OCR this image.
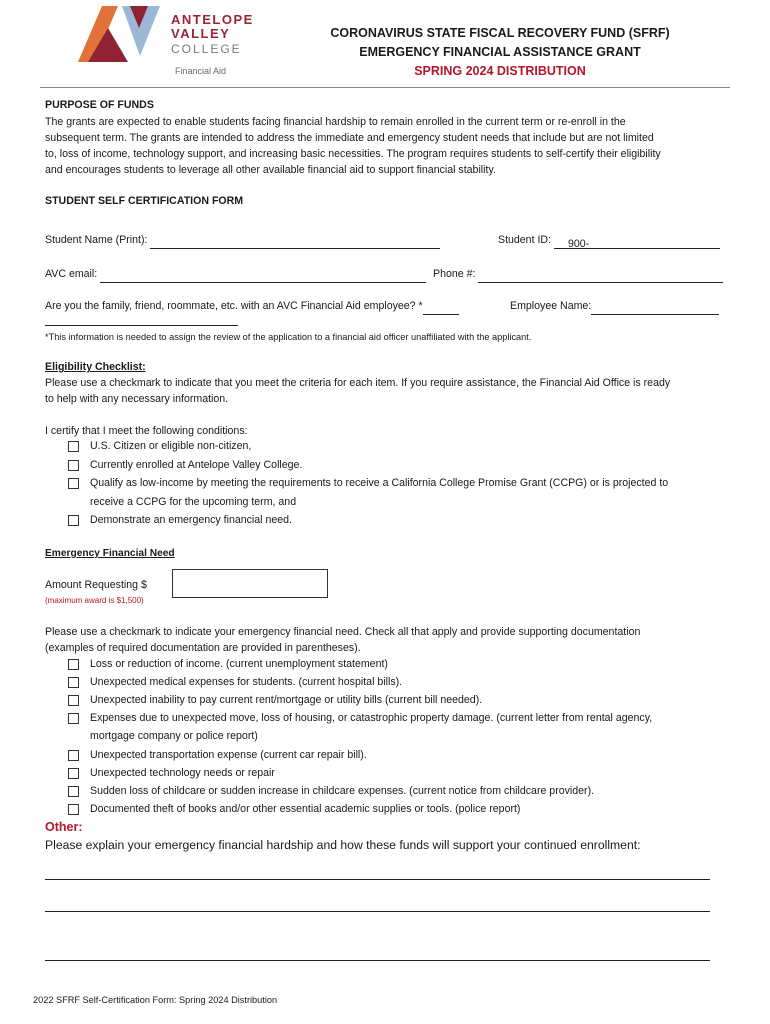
ANTELOPE
VALLEY
COLLEGE
Financial Aid
CORONAVIRUS STATE FISCAL RECOVERY FUND (SFRF)
EMERGENCY FINANCIAL ASSISTANCE GRANT
SPRING 2024 DISTRIBUTION
PURPOSE OF FUNDS
The grants are expected to enable students facing financial hardship to remain enrolled in the current term or re-enroll in the
subsequent term. The grants are intended to address the immediate and emergency student needs that include but are not limited
to, loss of income, technology support, and increasing basic necessities. The program requires students to self-certify their eligibility
and encourages students to leverage all other available financial aid to support financial stability.
STUDENT SELF CERTIFICATION FORM
Student Name (Print):	Student ID: 900-
AVC email:	Phone #:
Are you the family, friend, roommate, etc. with an AVC Financial Aid employee? *	Employee Name:
*This information is needed to assign the review of the application to a financial aid officer unaffiliated with the applicant.
Eligibility Checklist:
Please use a checkmark to indicate that you meet the criteria for each item. If you require assistance, the Financial Aid Office is ready
to help with any necessary information.
I certify that I meet the following conditions:
U.S. Citizen or eligible non-citizen,
Currently enrolled at Antelope Valley College.
Qualify as low-income by meeting the requirements to receive a California College Promise Grant (CCPG) or is projected to
receive a CCPG for the upcoming term, and
Demonstrate an emergency financial need.
Emergency Financial Need
Amount Requesting $
(maximum award is $1,500)
Please use a checkmark to indicate your emergency financial need. Check all that apply and provide supporting documentation
(examples of required documentation are provided in parentheses).
Loss or reduction of income. (current unemployment statement)
Unexpected medical expenses for students. (current hospital bills).
Unexpected inability to pay current rent/mortgage or utility bills (current bill needed).
Expenses due to unexpected move, loss of housing, or catastrophic property damage. (current letter from rental agency,
mortgage company or police report)
Unexpected transportation expense (current car repair bill).
Unexpected technology needs or repair
Sudden loss of childcare or sudden increase in childcare expenses. (current notice from childcare provider).
Documented theft of books and/or other essential academic supplies or tools. (police report)
Other:
Please explain your emergency financial hardship and how these funds will support your continued enrollment:
2022 SFRF Self-Certification Form: Spring 2024 Distribution
